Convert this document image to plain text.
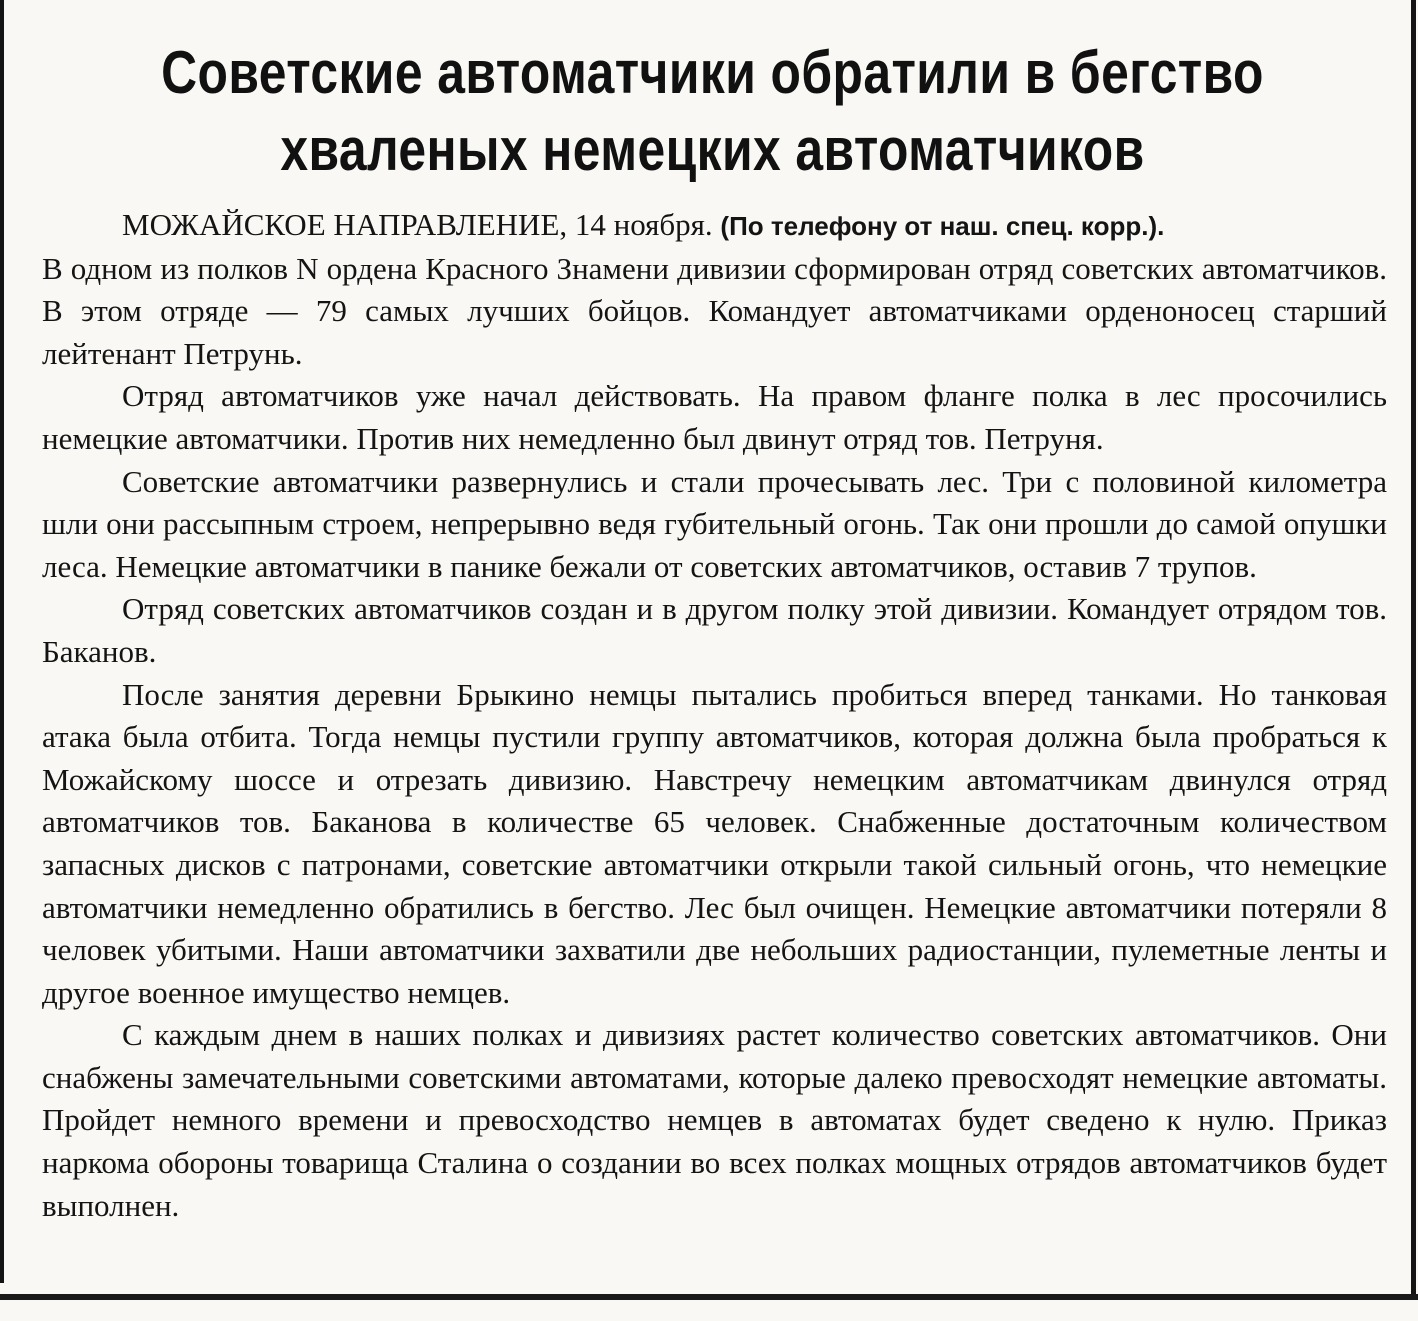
Советские автоматчики обратили в бегство
хваленых немецких автоматчиков

МОЖАЙСКОЕ НАПРАВЛЕНИЕ, 14 ноября. (По телефону от наш. спец. корр.).

В одном из полков N ордена Красного Знамени дивизии сформирован отряд советских автоматчиков. В этом отряде — 79 самых лучших бойцов. Командует автоматчиками орденоносец старший лейтенант Петрунь.

Отряд автоматчиков уже начал действовать. На правом фланге полка в лес просочились немецкие автоматчики. Против них немедленно был двинут отряд тов. Петруня.

Советские автоматчики развернулись и стали прочесывать лес. Три с половиной километра шли они рассыпным строем, непрерывно ведя губительный огонь. Так они прошли до самой опушки леса. Немецкие автоматчики в панике бежали от советских автоматчиков, оставив 7 трупов.

Отряд советских автоматчиков создан и в другом полку этой дивизии. Командует отрядом тов. Баканов.

После занятия деревни Брыкино немцы пытались пробиться вперед танками. Но танковая атака была отбита. Тогда немцы пустили группу автоматчиков, которая должна была пробраться к Можайскому шоссе и отрезать дивизию. Навстречу немецким автоматчикам двинулся отряд автоматчиков тов. Баканова в количестве 65 человек. Снабженные достаточным количеством запасных дисков с патронами, советские автоматчики открыли такой сильный огонь, что немецкие автоматчики немедленно обратились в бегство. Лес был очищен. Немецкие автоматчики потеряли 8 человек убитыми. Наши автоматчики захватили две небольших радиостанции, пулеметные ленты и другое военное имущество немцев.

С каждым днем в наших полках и дивизиях растет количество советских автоматчиков. Они снабжены замечательными советскими автоматами, которые далеко превосходят немецкие автоматы. Пройдет немного времени и превосходство немцев в автоматах будет сведено к нулю. Приказ наркома обороны товарища Сталина о создании во всех полках мощных отрядов автоматчиков будет выполнен.
